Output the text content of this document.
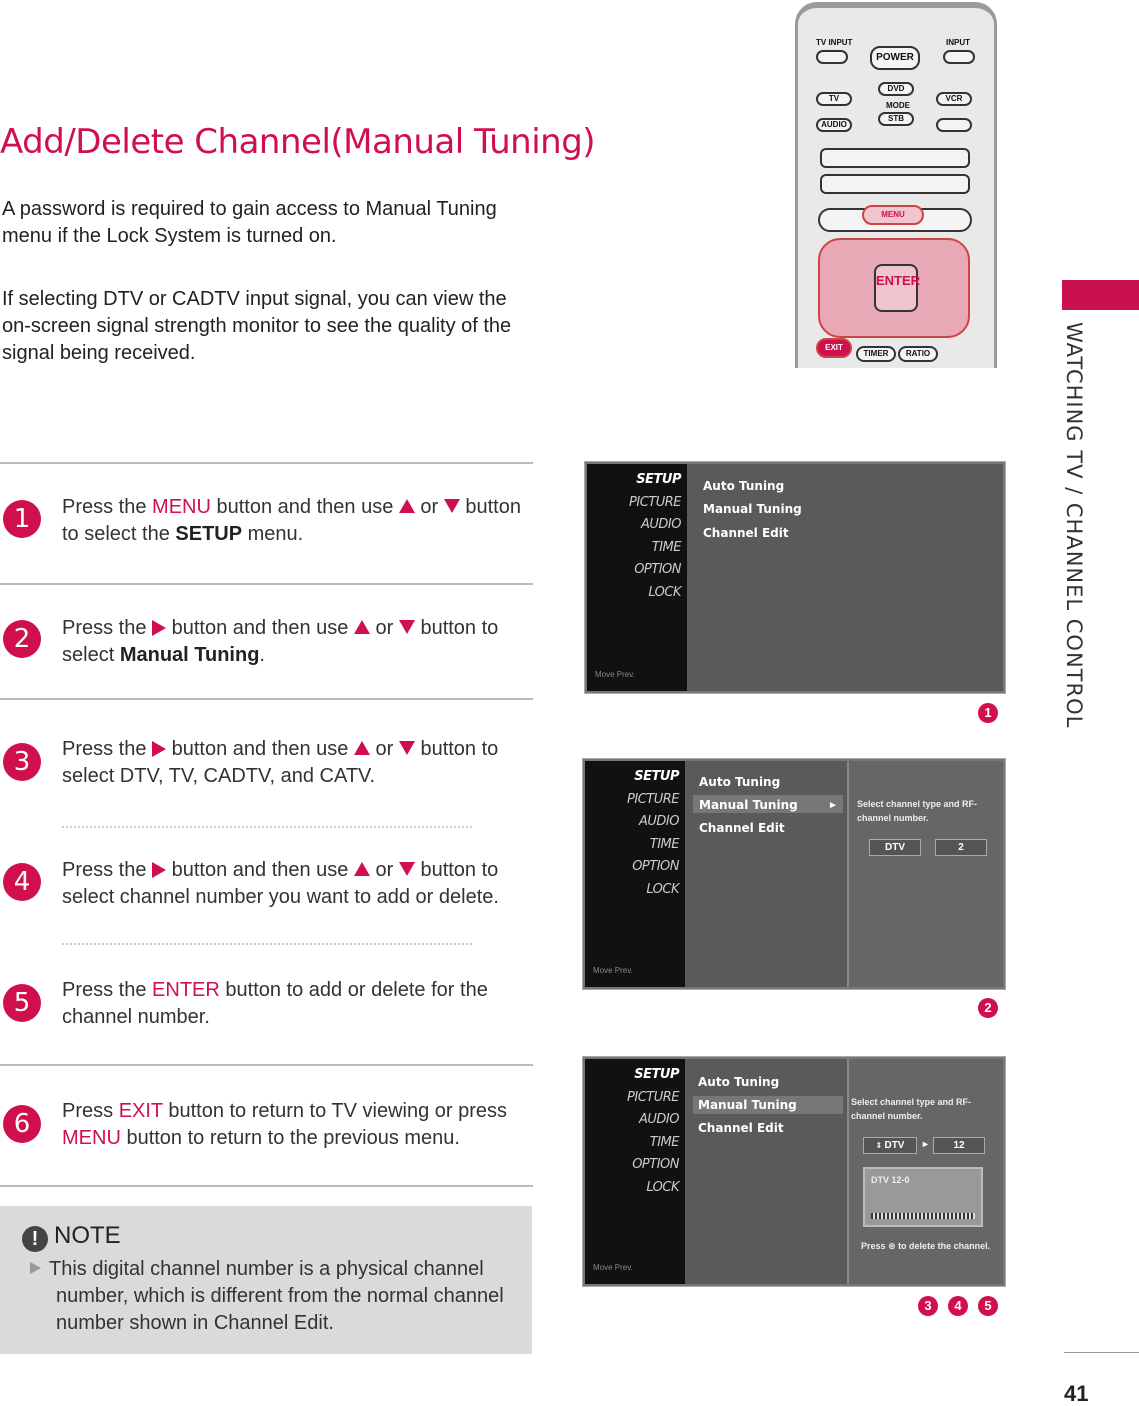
Add/Delete Channel(Manual Tuning)
A password is required to gain access to Manual Tuning menu if the Lock System is turned on.
If selecting DTV or CADTV input signal, you can view the on-screen signal strength monitor to see the quality of the signal being received.
1	Press the MENU button and then use  or  button to select the SETUP menu.
2	Press the  button and then use  or  button to select Manual Tuning.
3	Press the  button and then use  or  button to select DTV, TV, CADTV, and CATV.
4	Press the  button and then use  or  button to select channel number you want to add or delete.
5	Press the ENTER button to add or delete for the channel number.
6	Press EXIT button to return to TV viewing or press MENU button to return to the previous menu.
! NOTE
This digital channel number is a physical channel number, which is different from the normal channel number shown in Channel Edit.
TV INPUT	INPUT
POWER
TV
DVD
MODE
VCR
AUDIO
STB
MENU
ENTER
EXIT
TIMER	RATIO
SETUP
PICTURE
AUDIO
TIME
OPTION
LOCK
Move Prev.
Auto Tuning
Manual Tuning
Channel Edit
1
SETUP
PICTURE
AUDIO
TIME
OPTION
LOCK
Move Prev.
Auto Tuning
Manual Tuning	►
Channel Edit
Select channel type and RF-channel number.
DTV	2
2
SETUP
PICTURE
AUDIO
TIME
OPTION
LOCK
Move Prev.
Auto Tuning
Manual Tuning
Channel Edit
Select channel type and RF-channel number.
⇕ DTV	►	12
DTV 12-0
Press ⊛ to delete the channel.
3	4	5
WATCHING TV / CHANNEL CONTROL
41
